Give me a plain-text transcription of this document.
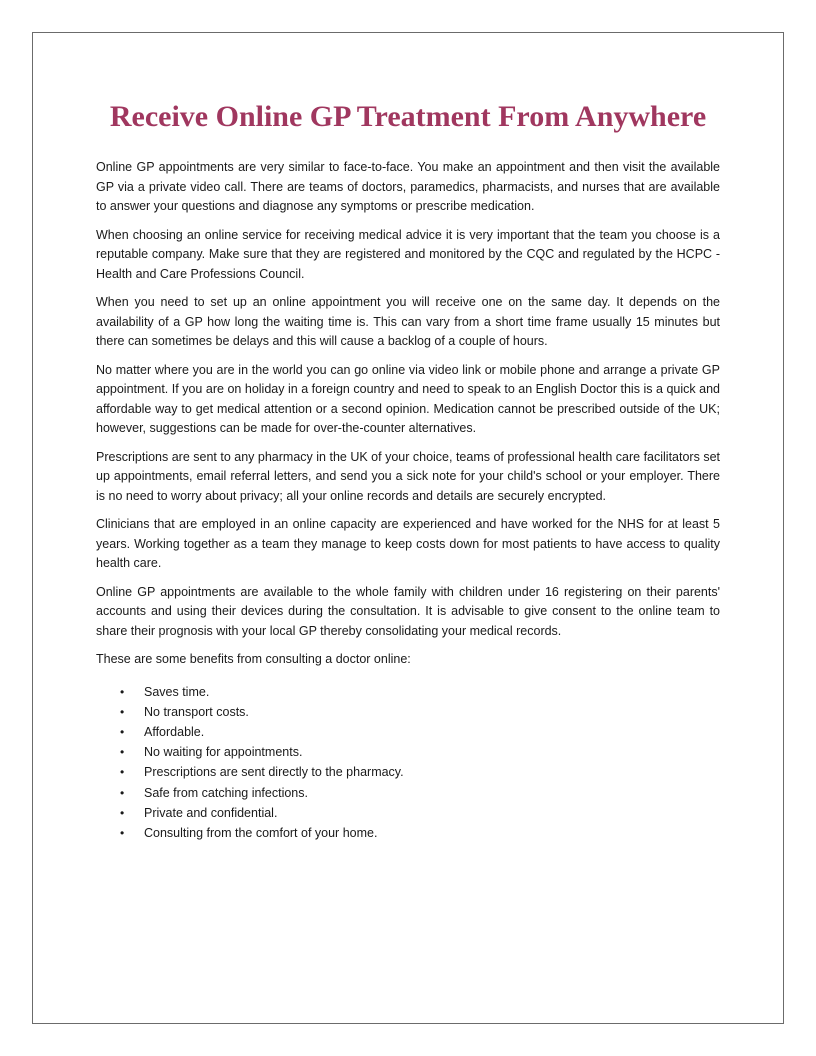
Receive Online GP Treatment From Anywhere

Online GP appointments are very similar to face-to-face. You make an appointment and then visit the available GP via a private video call. There are teams of doctors, paramedics, pharmacists, and nurses that are available to answer your questions and diagnose any symptoms or prescribe medication.

When choosing an online service for receiving medical advice it is very important that the team you choose is a reputable company. Make sure that they are registered and monitored by the CQC and regulated by the HCPC - Health and Care Professions Council.

When you need to set up an online appointment you will receive one on the same day. It depends on the availability of a GP how long the waiting time is. This can vary from a short time frame usually 15 minutes but there can sometimes be delays and this will cause a backlog of a couple of hours.

No matter where you are in the world you can go online via video link or mobile phone and arrange a private GP appointment. If you are on holiday in a foreign country and need to speak to an English Doctor this is a quick and affordable way to get medical attention or a second opinion. Medication cannot be prescribed outside of the UK; however, suggestions can be made for over-the-counter alternatives.

Prescriptions are sent to any pharmacy in the UK of your choice, teams of professional health care facilitators set up appointments, email referral letters, and send you a sick note for your child's school or your employer. There is no need to worry about privacy; all your online records and details are securely encrypted.

Clinicians that are employed in an online capacity are experienced and have worked for the NHS for at least 5 years. Working together as a team they manage to keep costs down for most patients to have access to quality health care.

Online GP appointments are available to the whole family with children under 16 registering on their parents' accounts and using their devices during the consultation. It is advisable to give consent to the online team to share their prognosis with your local GP thereby consolidating your medical records.

These are some benefits from consulting a doctor online:

• Saves time.
• No transport costs.
• Affordable.
• No waiting for appointments.
• Prescriptions are sent directly to the pharmacy.
• Safe from catching infections.
• Private and confidential.
• Consulting from the comfort of your home.
